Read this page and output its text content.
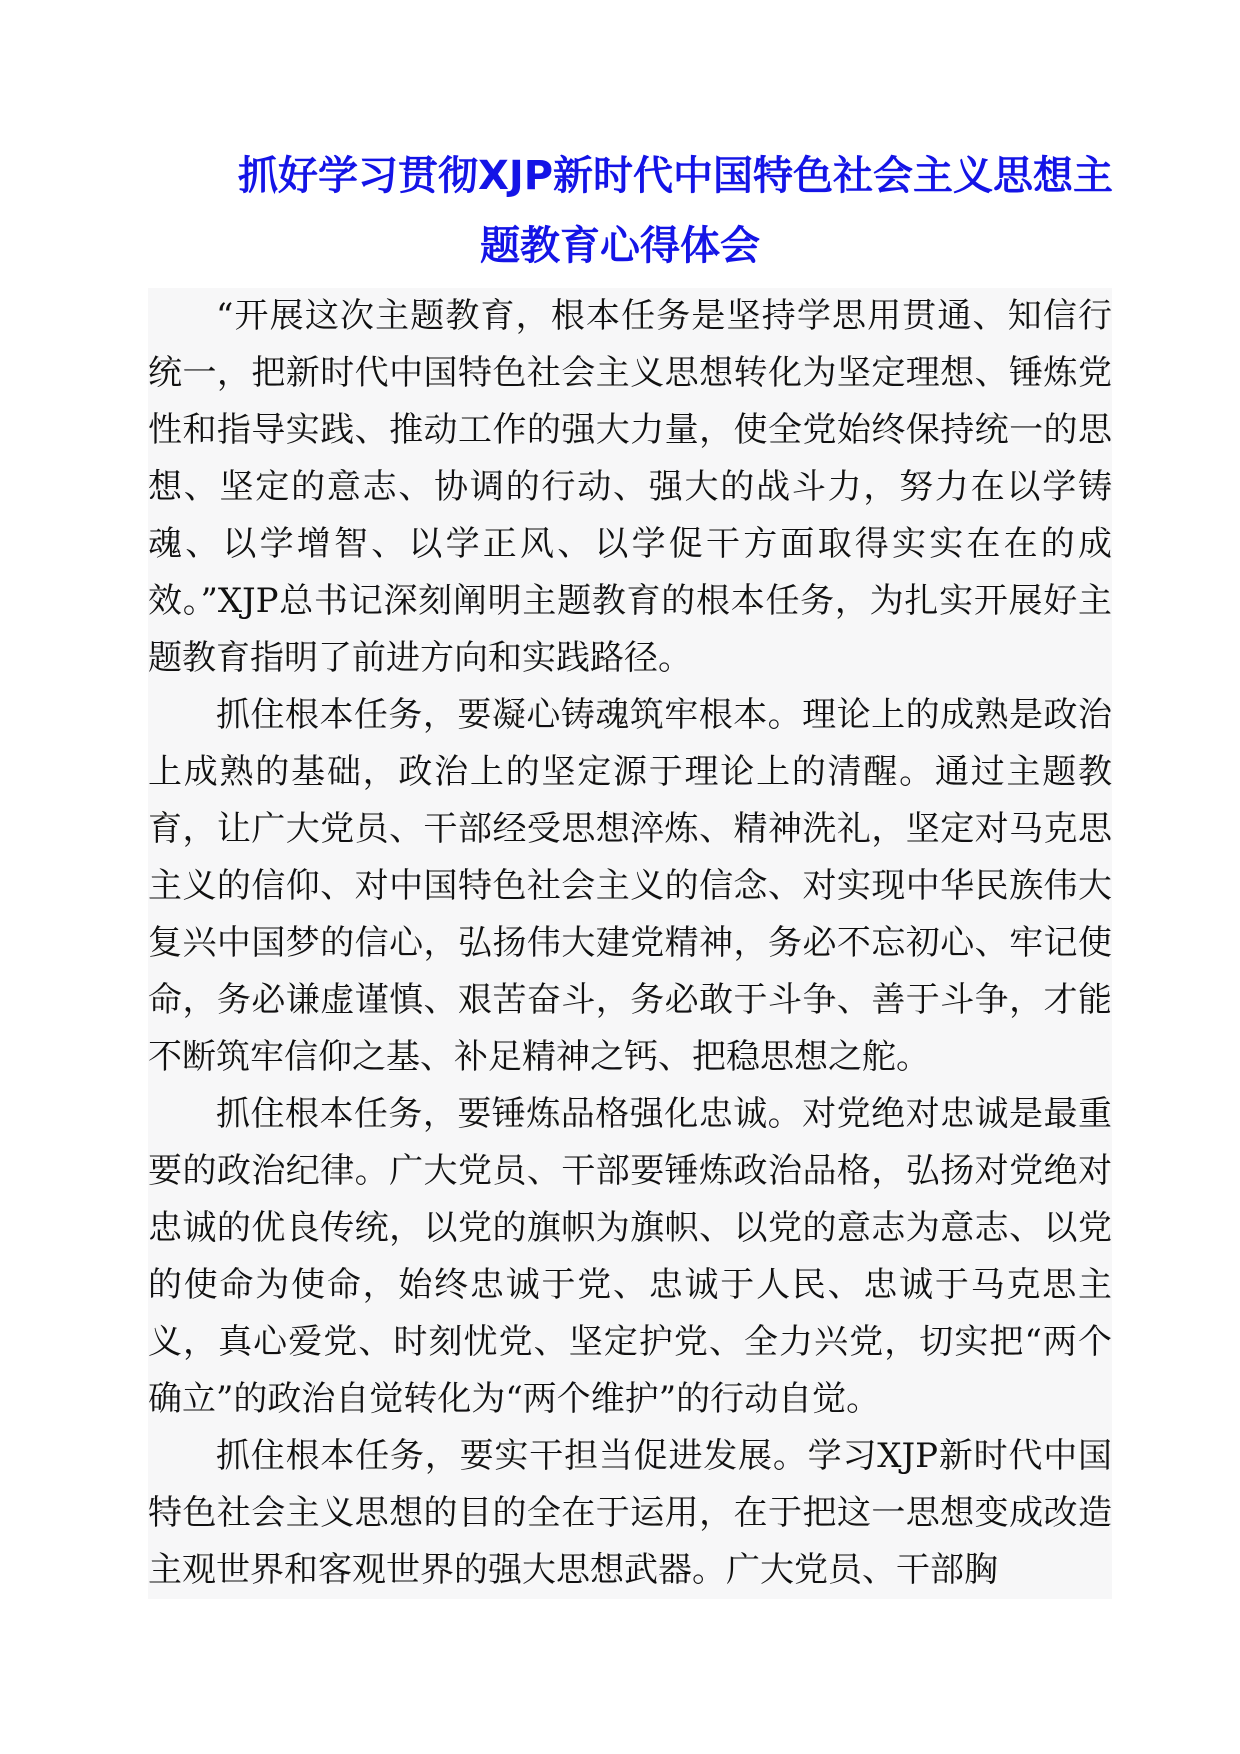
抓好学习贯彻XJP新时代中国特色社会主义思想主
题教育心得体会

“开展这次主题教育，根本任务是坚持学思用贯通、知信行统一，把新时代中国特色社会主义思想转化为坚定理想、锤炼党性和指导实践、推动工作的强大力量，使全党始终保持统一的思想、坚定的意志、协调的行动、强大的战斗力，努力在以学铸魂、以学增智、以学正风、以学促干方面取得实实在在的成效。”XJP总书记深刻阐明主题教育的根本任务，为扎实开展好主题教育指明了前进方向和实践路径。

抓住根本任务，要凝心铸魂筑牢根本。理论上的成熟是政治上成熟的基础，政治上的坚定源于理论上的清醒。通过主题教育，让广大党员、干部经受思想淬炼、精神洗礼，坚定对马克思主义的信仰、对中国特色社会主义的信念、对实现中华民族伟大复兴中国梦的信心，弘扬伟大建党精神，务必不忘初心、牢记使命，务必谦虚谨慎、艰苦奋斗，务必敢于斗争、善于斗争，才能不断筑牢信仰之基、补足精神之钙、把稳思想之舵。

抓住根本任务，要锤炼品格强化忠诚。对党绝对忠诚是最重要的政治纪律。广大党员、干部要锤炼政治品格，弘扬对党绝对忠诚的优良传统，以党的旗帜为旗帜、以党的意志为意志、以党的使命为使命，始终忠诚于党、忠诚于人民、忠诚于马克思主义，真心爱党、时刻忧党、坚定护党、全力兴党，切实把“两个确立”的政治自觉转化为“两个维护”的行动自觉。

抓住根本任务，要实干担当促进发展。学习XJP新时代中国特色社会主义思想的目的全在于运用，在于把这一思想变成改造主观世界和客观世界的强大思想武器。广大党员、干部胸
